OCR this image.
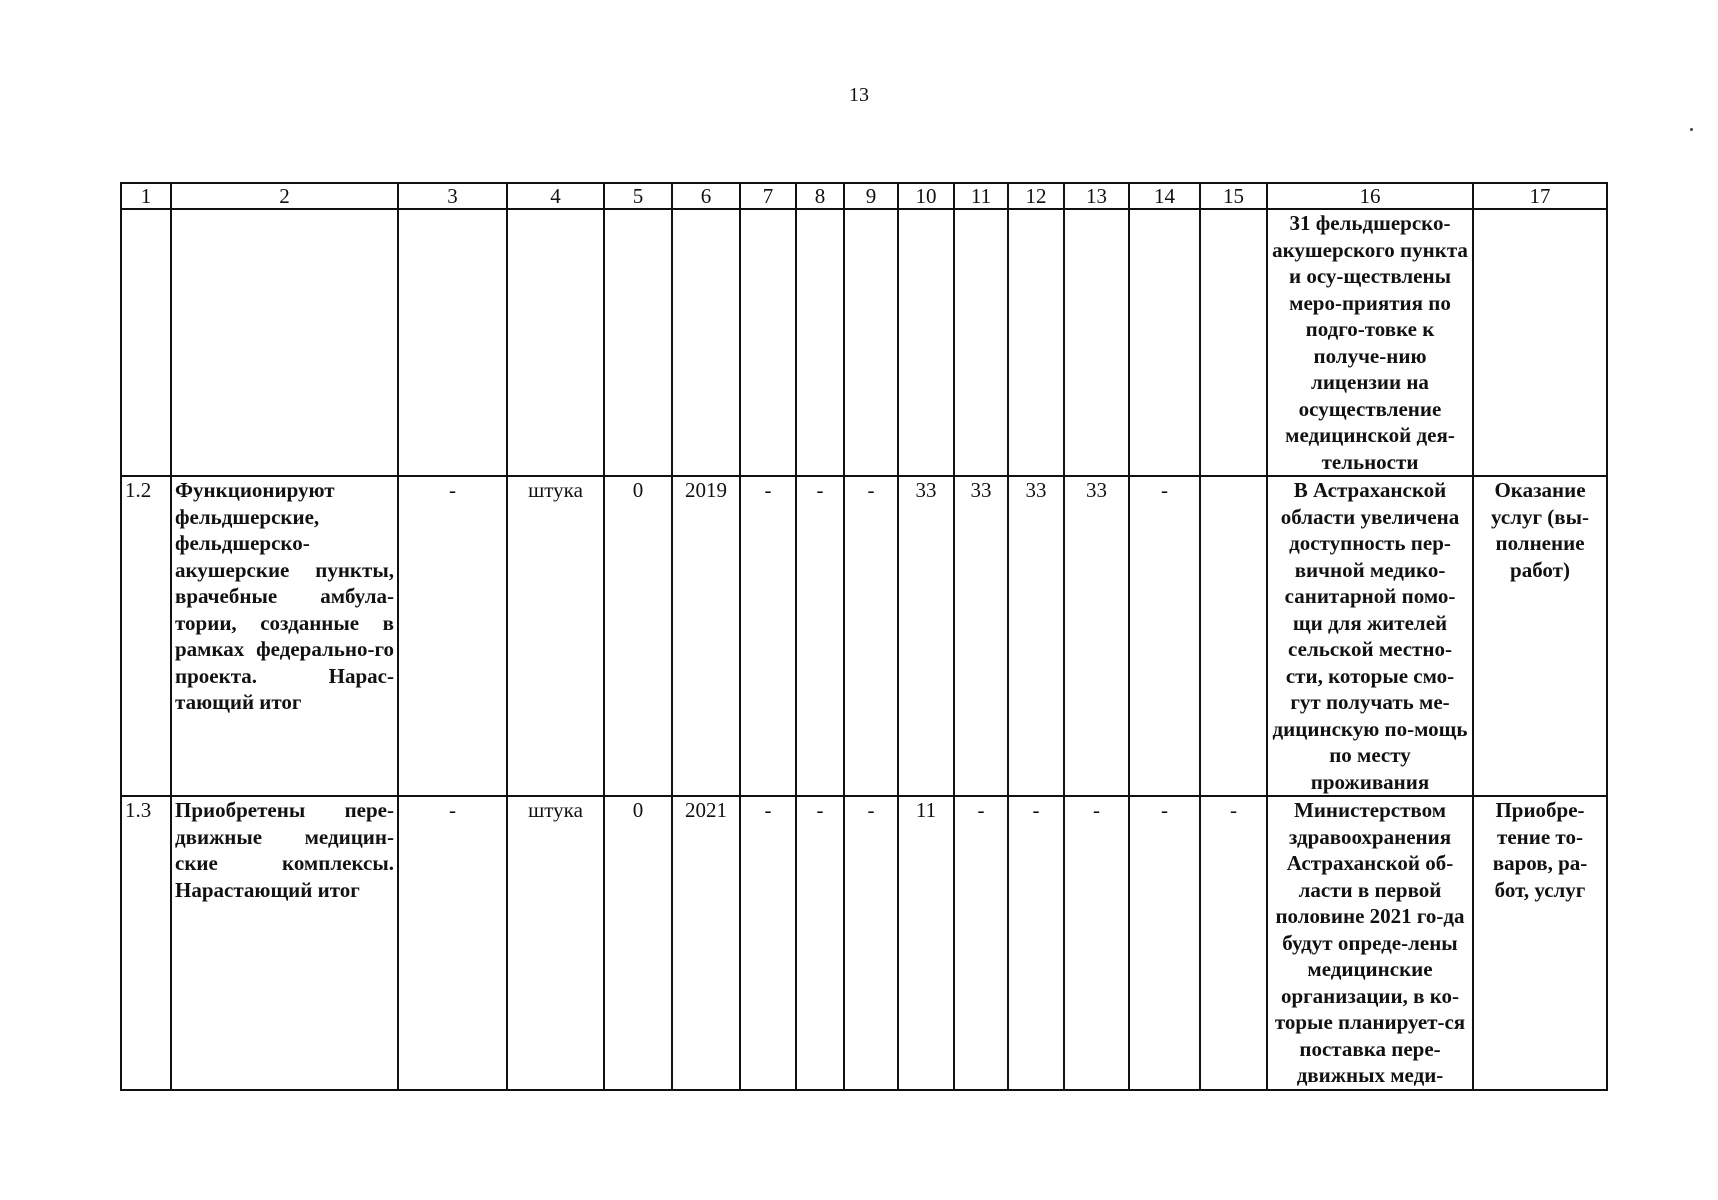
13
1	2	3	4	5	6	7	8	9	10	11	12	13	14	15	16	17
															31 фельдшерско-акушерского пункта и осу-ществлены меро-приятия по подго-товке к получе-нию лицензии на осуществление медицинской дея-тельности	
1.2	Функционируют фельдшерские, фельдшерско-акушерские пункты, врачебные амбула-тории, созданные в рамках федерально-го проекта. Нарас-тающий итог	-	штука	0	2019	-	-	-	33	33	33	33	-		В Астраханской области увеличена доступность пер-вичной медико-санитарной помо-щи для жителей сельской местно-сти, которые смо-гут получать ме-дицинскую по-мощь по месту проживания	Оказание услуг (вы-полнение работ)
1.3	Приобретены пере-движные медицин-ские комплексы. Нарастающий итог	-	штука	0	2021	-	-	-	11	-	-	-	-	-	Министерством здравоохранения Астраханской об-ласти в первой половине 2021 го-да будут опреде-лены медицинские организации, в ко-торые планирует-ся поставка пере-движных меди-	Приобре-тение то-варов, ра-бот, услуг
